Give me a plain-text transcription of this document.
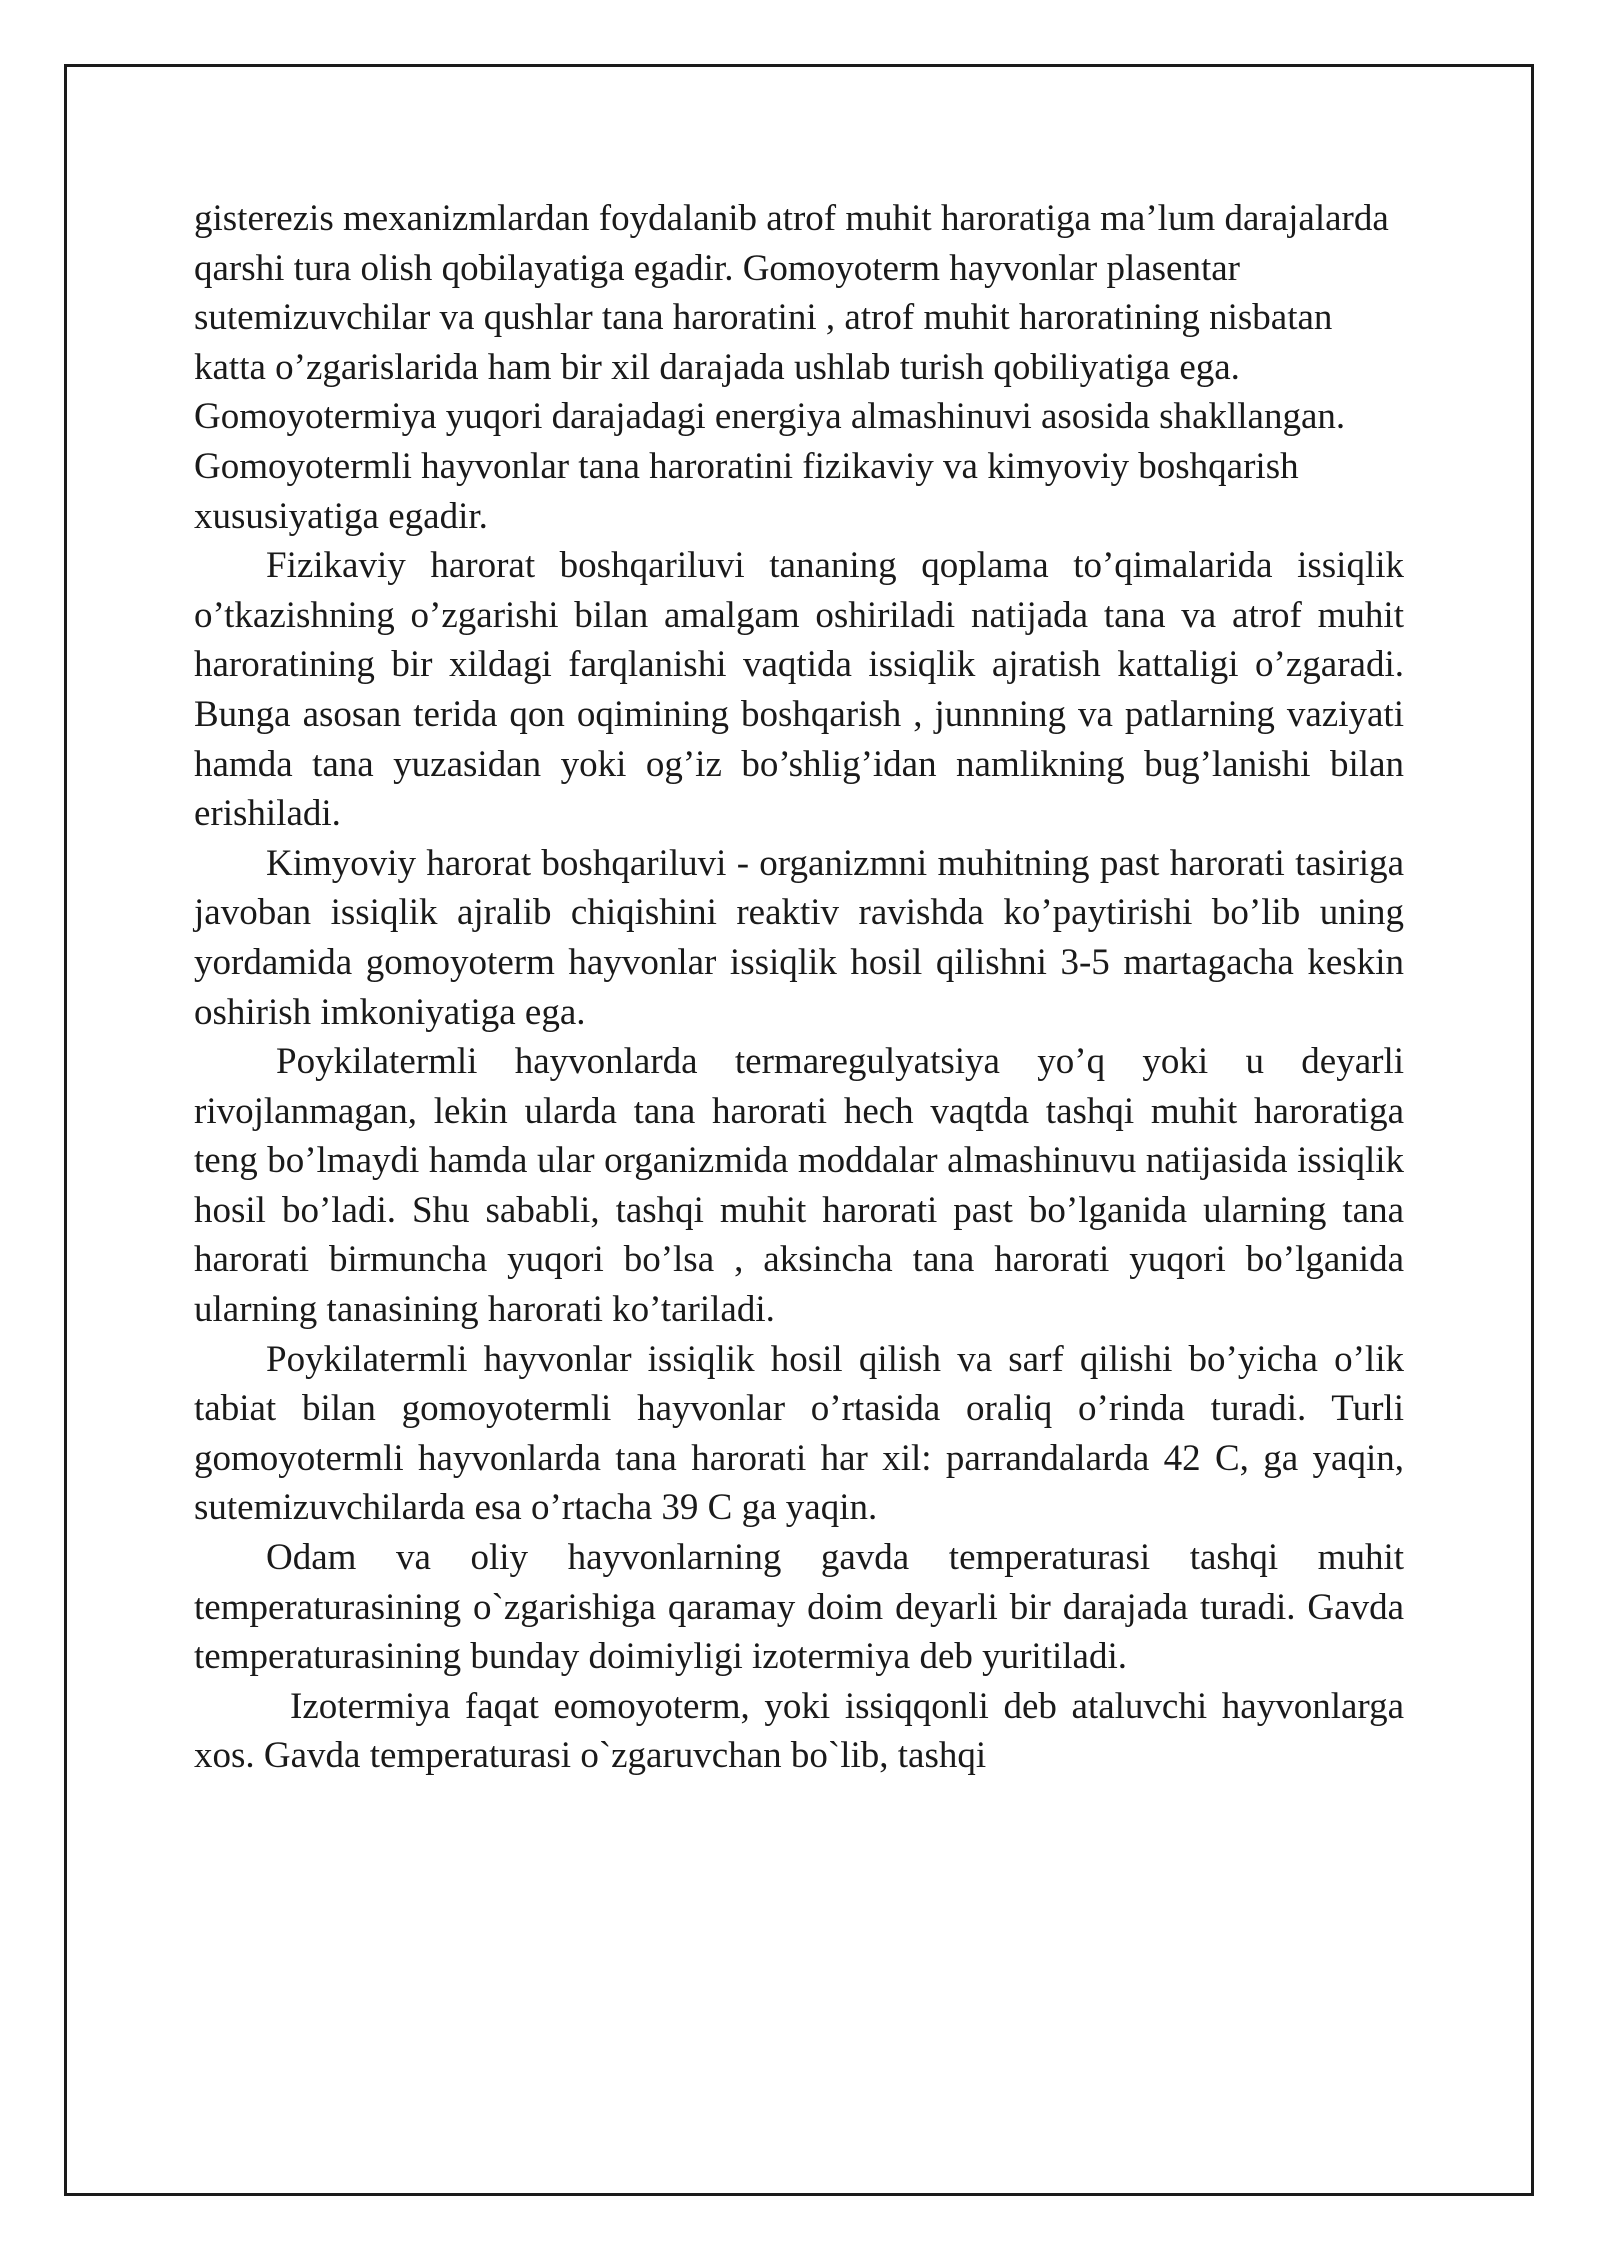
gisterezis mexanizmlardan foydalanib atrof muhit haroratiga ma’lum darajalarda qarshi tura olish qobilayatiga egadir. Gomoyoterm hayvonlar plasentar sutemizuvchilar va qushlar tana haroratini , atrof muhit haroratining nisbatan katta o’zgarislarida ham bir xil darajada ushlab turish qobiliyatiga ega. Gomoyotermiya yuqori darajadagi energiya almashinuvi asosida shakllangan. Gomoyotermli hayvonlar tana haroratini fizikaviy va kimyoviy boshqarish xususiyatiga egadir.

Fizikaviy harorat boshqariluvi tananing qoplama to’qimalarida issiqlik o’tkazishning o’zgarishi bilan amalgam oshiriladi natijada tana va atrof muhit haroratining bir xildagi farqlanishi vaqtida issiqlik ajratish kattaligi o’zgaradi. Bunga asosan terida qon oqimining boshqarish , junnning va patlarning vaziyati hamda tana yuzasidan yoki og’iz bo’shlig’idan namlikning bug’lanishi bilan erishiladi.

Kimyoviy harorat boshqariluvi - organizmni muhitning past harorati tasiriga javoban issiqlik ajralib chiqishini reaktiv ravishda ko’paytirishi bo’lib uning yordamida gomoyoterm hayvonlar issiqlik hosil qilishni 3-5 martagacha keskin oshirish imkoniyatiga ega.

Poykilatermli hayvonlarda termaregulyatsiya yo’q yoki u deyarli rivojlanmagan, lekin ularda tana harorati hech vaqtda tashqi muhit haroratiga teng bo’lmaydi hamda ular organizmida moddalar almashinuvu natijasida issiqlik hosil bo’ladi. Shu sababli, tashqi muhit harorati past bo’lganida ularning tana harorati birmuncha yuqori bo’lsa , aksincha tana harorati yuqori bo’lganida ularning tanasining harorati ko’tariladi.

Poykilatermli hayvonlar issiqlik hosil qilish va sarf qilishi bo’yicha o’lik tabiat bilan gomoyotermli hayvonlar o’rtasida oraliq o’rinda turadi. Turli gomoyotermli hayvonlarda tana harorati har xil: parrandalarda 42 C, ga yaqin, sutemizuvchilarda esa o’rtacha 39 C ga yaqin.

Odam va oliy hayvonlarning gavda temperaturasi tashqi muhit temperaturasining o`zgarishiga qaramay doim deyarli bir darajada turadi. Gavda temperaturasining bunday doimiyligi izotermiya deb yuritiladi.

Izotermiya faqat eomoyoterm, yoki issiqqonli deb ataluvchi hayvonlarga xos. Gavda temperaturasi o`zgaruvchan bo`lib, tashqi
